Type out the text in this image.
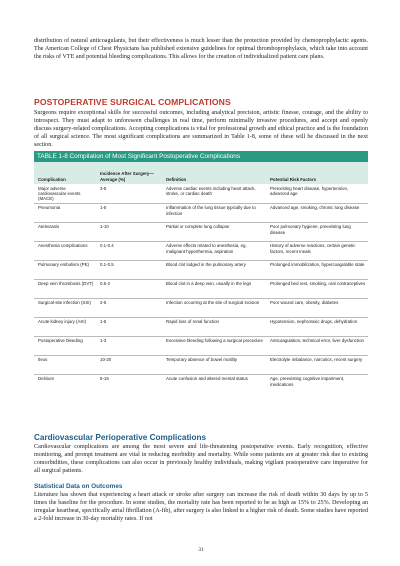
distribution of natural anticoagulants, but their effectiveness is much lesser than the protection provided by chemoprophylactic agents. The American College of Chest Physicians has published extensive guidelines for optimal thromboprophylaxis, which take into account the risks of VTE and potential bleeding complications. This allows for the creation of individualized patient care plans.

POSTOPERATIVE SURGICAL COMPLICATIONS

Surgeons require exceptional skills for successful outcomes, including analytical precision, artistic finesse, courage, and the ability to introspect. They must adapt to unforeseen challenges in real time, perform minimally invasive procedures, and accept and openly discuss surgery-related complications. Accepting complications is vital for professional growth and ethical practice and is the foundation of all surgical science. The most significant complications are summarized in Table 1-8, some of these will be discussed in the next section.

TABLE 1-8 Compilation of Most Significant Postoperative Complications
Complication	Incidence After Surgery—Average (%)	Definition	Potential Risk Factors
Major adverse cardiovascular events (MACE)	3-5	Adverse cardiac events including heart attack, stroke, or cardiac death	Preexisting heart disease, hypertension, advanced age
Pneumonia	1-5	Inflammation of the lung tissue typically due to infection	Advanced age, smoking, chronic lung disease
Atelectasis	1-10	Partial or complete lung collapse	Poor pulmonary hygiene, preexisting lung disease
Anesthesia complications	0.1-0.4	Adverse effects related to anesthesia, eg, malignant hyperthermia, aspiration	History of adverse reactions, certain genetic factors, recent meals
Pulmonary embolism (PE)	0.1-0.5	Blood clot lodged in the pulmonary artery	Prolonged immobilization, hypercoagulable state
Deep vein thrombosis (DVT)	0.5-2	Blood clot in a deep vein, usually in the legs	Prolonged bed rest, smoking, oral contraceptives
Surgical-site infection (SSI)	2-5	Infection occurring at the site of surgical incision	Poor wound care, obesity, diabetes
Acute kidney injury (AKI)	1-5	Rapid loss of renal function	Hypotension, nephrotoxic drugs, dehydration
Postoperative bleeding	1-3	Excessive bleeding following a surgical procedure	Anticoagulation, technical error, liver dysfunction
Ileus	10-20	Temporary absence of bowel motility	Electrolyte imbalance, narcotics, recent surgery
Delirium	5-15	Acute confusion and altered mental status	Age, preexisting cognitive impairment, medications
Cardiovascular Perioperative Complications

Cardiovascular complications are among the most severe and life-threatening postoperative events. Early recognition, effective monitoring, and prompt treatment are vital in reducing morbidity and mortality. While some patients are at greater risk due to existing comorbidities, these complications can also occur in previously healthy individuals, making vigilant postoperative care imperative for all surgical patients.

Statistical Data on Outcomes

Literature has shown that experiencing a heart attack or stroke after surgery can increase the risk of death within 30 days by up to 5 times the baseline for the procedure. In some studies, the mortality rate has been reported to be as high as 15% to 25%. Developing an irregular heartbeat, specifically atrial fibrillation (A-fib), after surgery is also linked to a higher risk of death. Some studies have reported a 2-fold increase in 30-day mortality rates. If not

31
